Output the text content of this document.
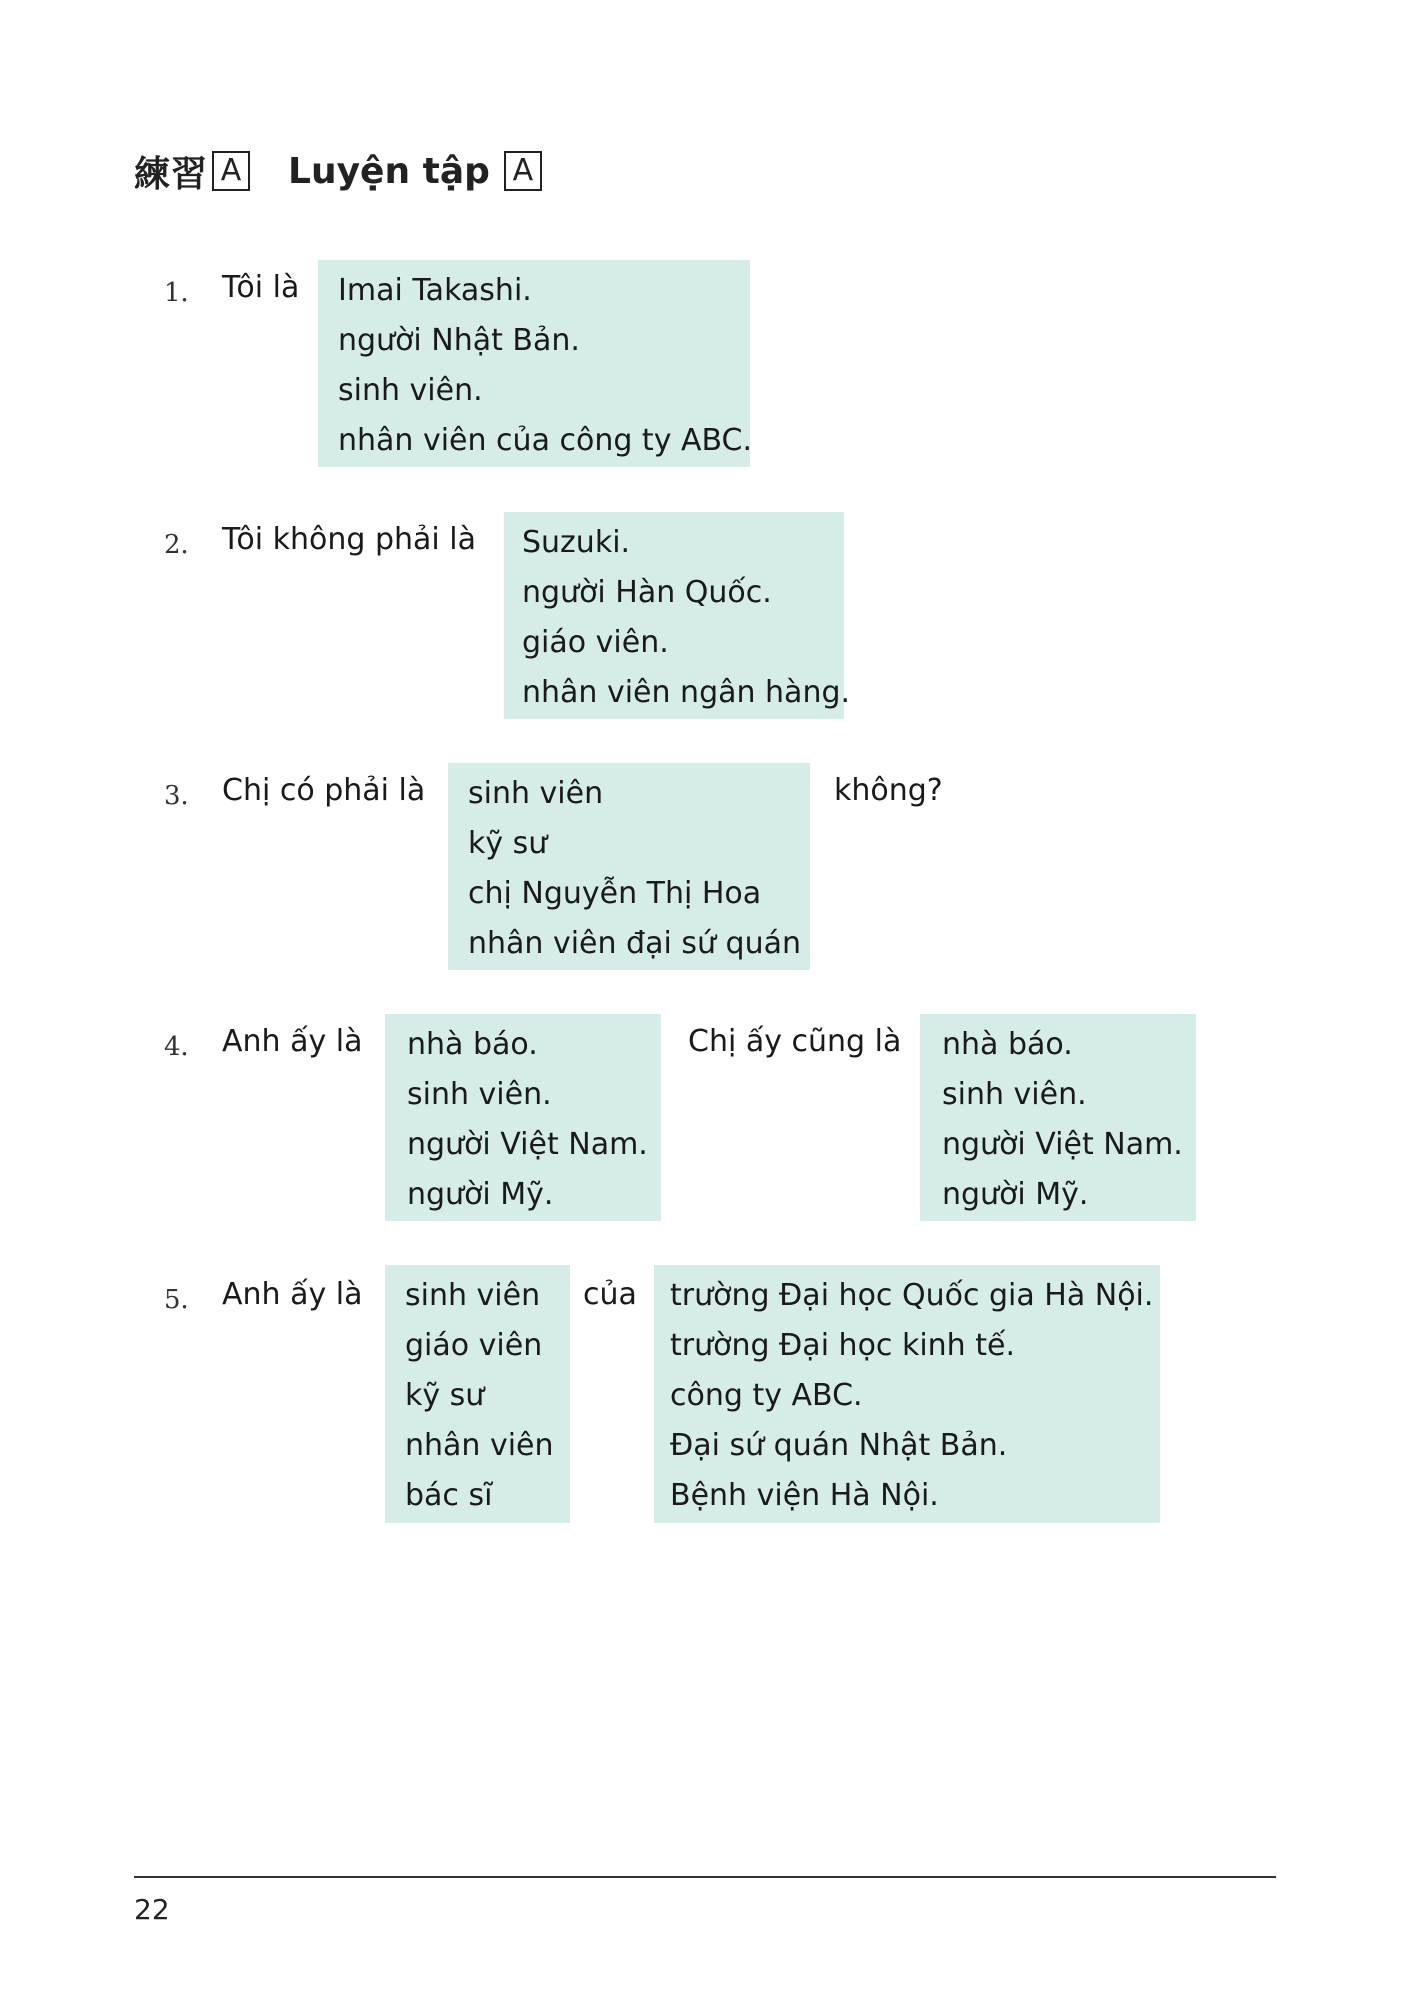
練習 A Luyện tập A
1． Tôi là Imai Takashi.
người Nhật Bản.
sinh viên.
nhân viên của công ty ABC.
2． Tôi không phải là Suzuki.
người Hàn Quốc.
giáo viên.
nhân viên ngân hàng.
3． Chị có phải là sinh viên
kỹ sư
chị Nguyễn Thị Hoa
nhân viên đại sứ quán
không?
4． Anh ấy là nhà báo.
sinh viên.
người Việt Nam.
người Mỹ.
Chị ấy cũng là nhà báo.
sinh viên.
người Việt Nam.
người Mỹ.
5． Anh ấy là sinh viên
giáo viên
kỹ sư
nhân viên
bác sĩ
của trường Đại học Quốc gia Hà Nội.
trường Đại học kinh tế.
công ty ABC.
Đại sứ quán Nhật Bản.
Bệnh viện Hà Nội.
22
